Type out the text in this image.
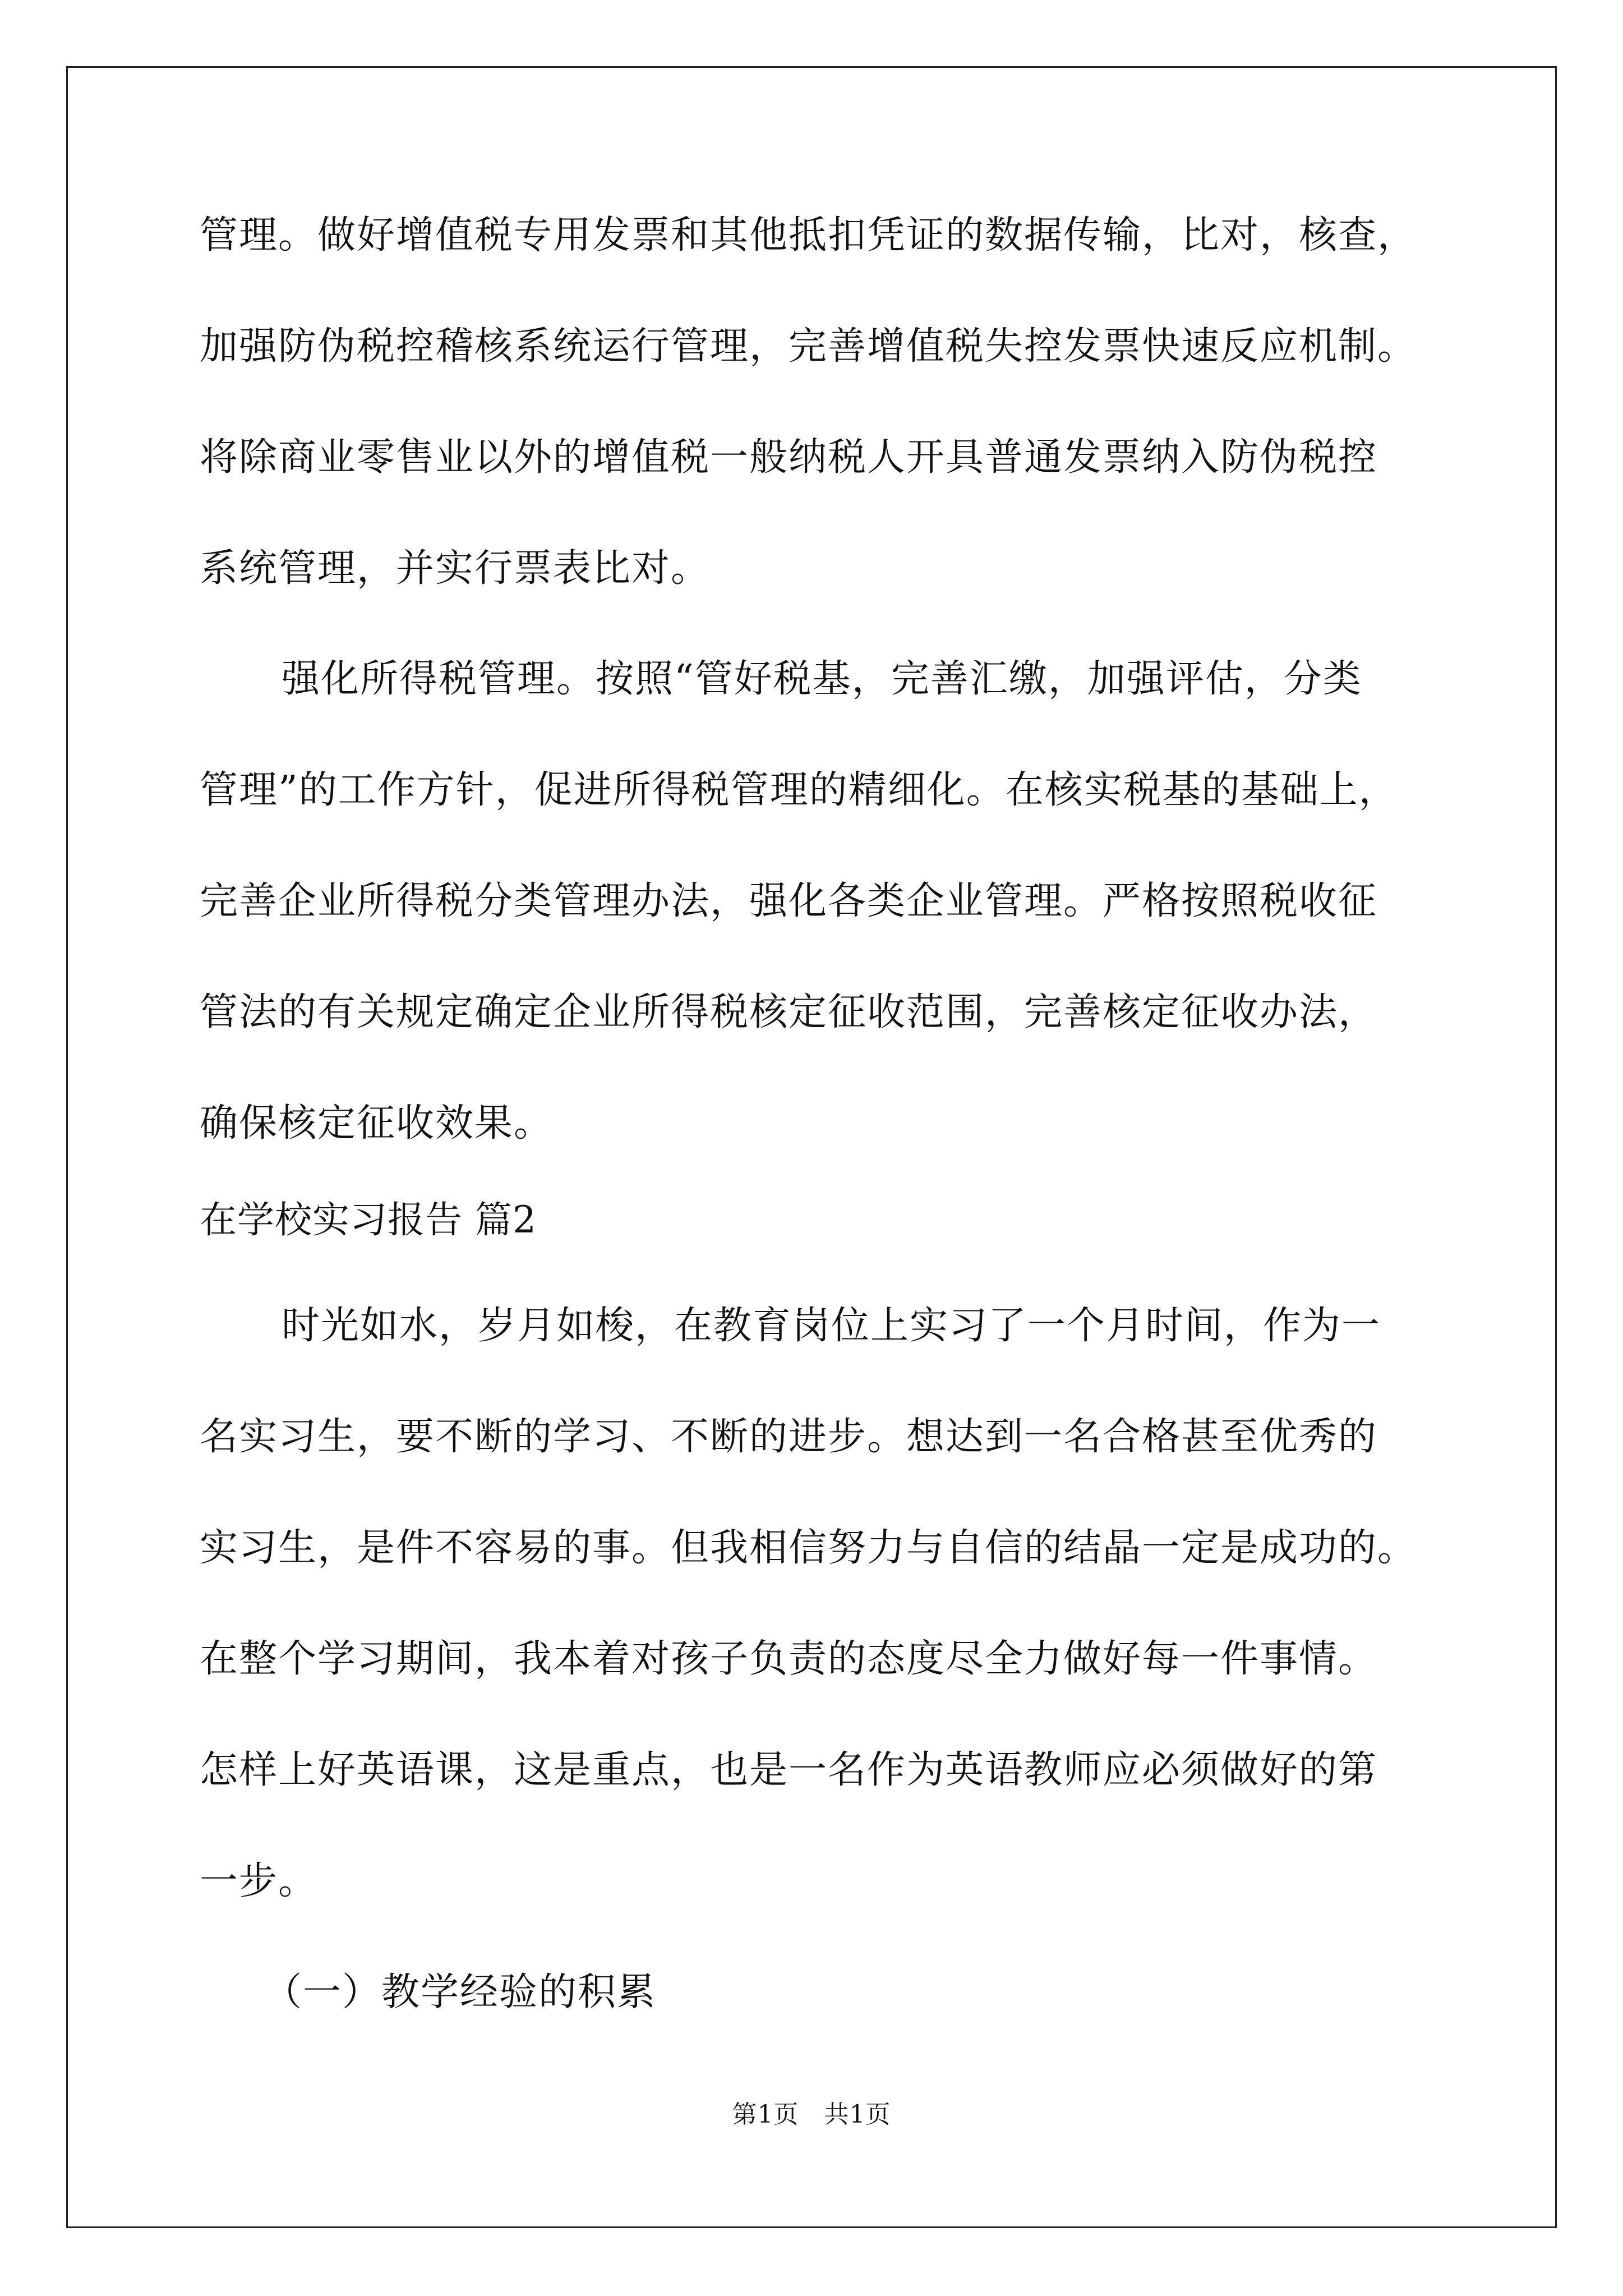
管理。做好增值税专用发票和其他抵扣凭证的数据传输，比对，核查，
加强防伪税控稽核系统运行管理，完善增值税失控发票快速反应机制。
将除商业零售业以外的增值税一般纳税人开具普通发票纳入防伪税控
系统管理，并实行票表比对。
强化所得税管理。按照“管好税基，完善汇缴，加强评估，分类
管理”的工作方针，促进所得税管理的精细化。在核实税基的基础上，
完善企业所得税分类管理办法，强化各类企业管理。严格按照税收征
管法的有关规定确定企业所得税核定征收范围，完善核定征收办法，
确保核定征收效果。
在学校实习报告 篇2
时光如水，岁月如梭，在教育岗位上实习了一个月时间，作为一
名实习生，要不断的学习、不断的进步。想达到一名合格甚至优秀的
实习生，是件不容易的事。但我相信努力与自信的结晶一定是成功的。
在整个学习期间，我本着对孩子负责的态度尽全力做好每一件事情。
怎样上好英语课，这是重点，也是一名作为英语教师应必须做好的第
一步。
（一）教学经验的积累
第1页　共1页
